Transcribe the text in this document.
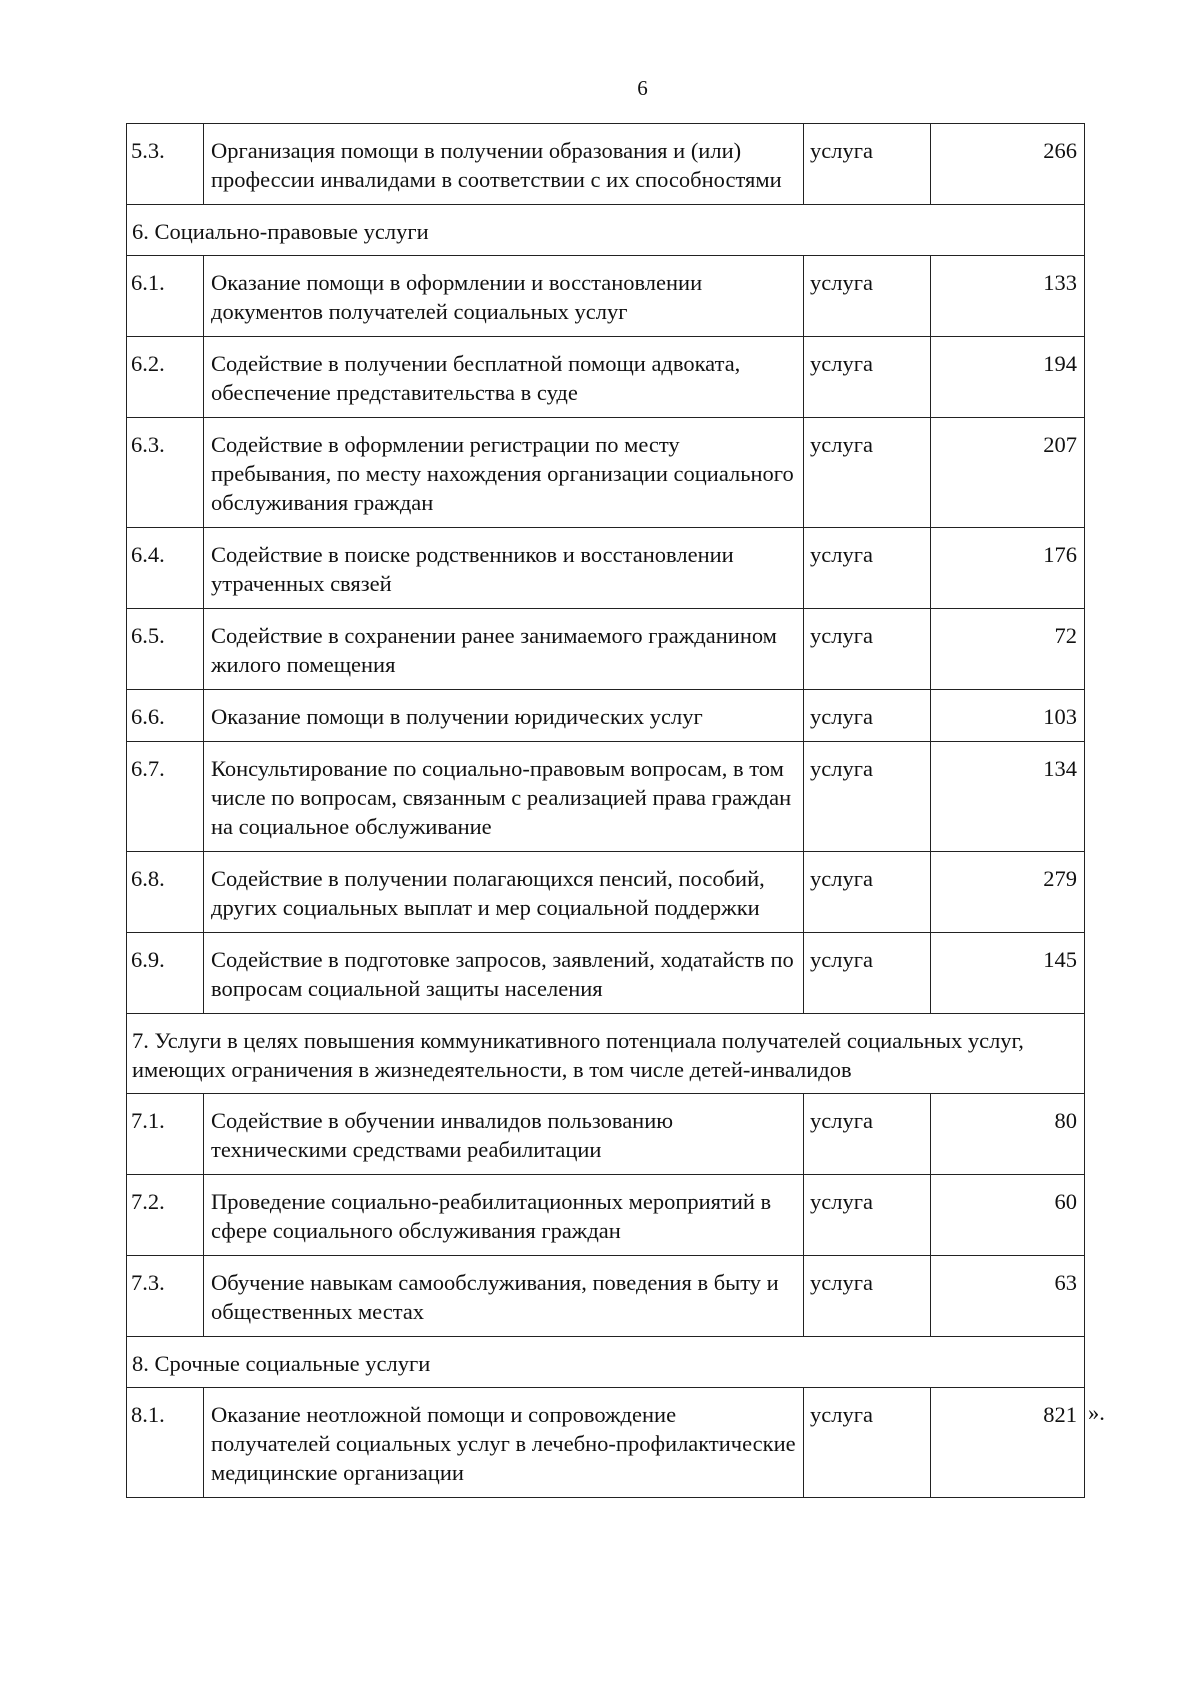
6
5.3.	Организация помощи в получении образования и (или) профессии инвалидами в соответствии с их способностями	услуга	266
6. Социально-правовые услуги			
6.1.	Оказание помощи в оформлении и восстановлении документов получателей социальных услуг	услуга	133
6.2.	Содействие в получении бесплатной помощи адвоката, обеспечение представительства в суде	услуга	194
6.3.	Содействие в оформлении регистрации по месту пребывания, по месту нахождения организации социального обслуживания граждан	услуга	207
6.4.	Содействие в поиске родственников и восстановлении утраченных связей	услуга	176
6.5.	Содействие в сохранении ранее занимаемого гражданином жилого помещения	услуга	72
6.6.	Оказание помощи в получении юридических услуг	услуга	103
6.7.	Консультирование по социально-правовым вопросам, в том числе по вопросам, связанным с реализацией права граждан на социальное обслуживание	услуга	134
6.8.	Содействие в получении полагающихся пенсий, пособий, других социальных выплат и мер социальной поддержки	услуга	279
6.9.	Содействие в подготовке запросов, заявлений, ходатайств по вопросам социальной защиты населения	услуга	145
7. Услуги в целях повышения коммуникативного потенциала получателей социальных услуг, имеющих ограничения в жизнедеятельности, в том числе детей-инвалидов			
7.1.	Содействие в обучении инвалидов пользованию техническими средствами реабилитации	услуга	80
7.2.	Проведение социально-реабилитационных мероприятий в сфере социального обслуживания граждан	услуга	60
7.3.	Обучение навыкам самообслуживания, поведения в быту и общественных местах	услуга	63
8. Срочные социальные услуги			
8.1.	Оказание неотложной помощи и сопровождение получателей социальных услуг в лечебно-профилактические медицинские организации	услуга	821 ».
